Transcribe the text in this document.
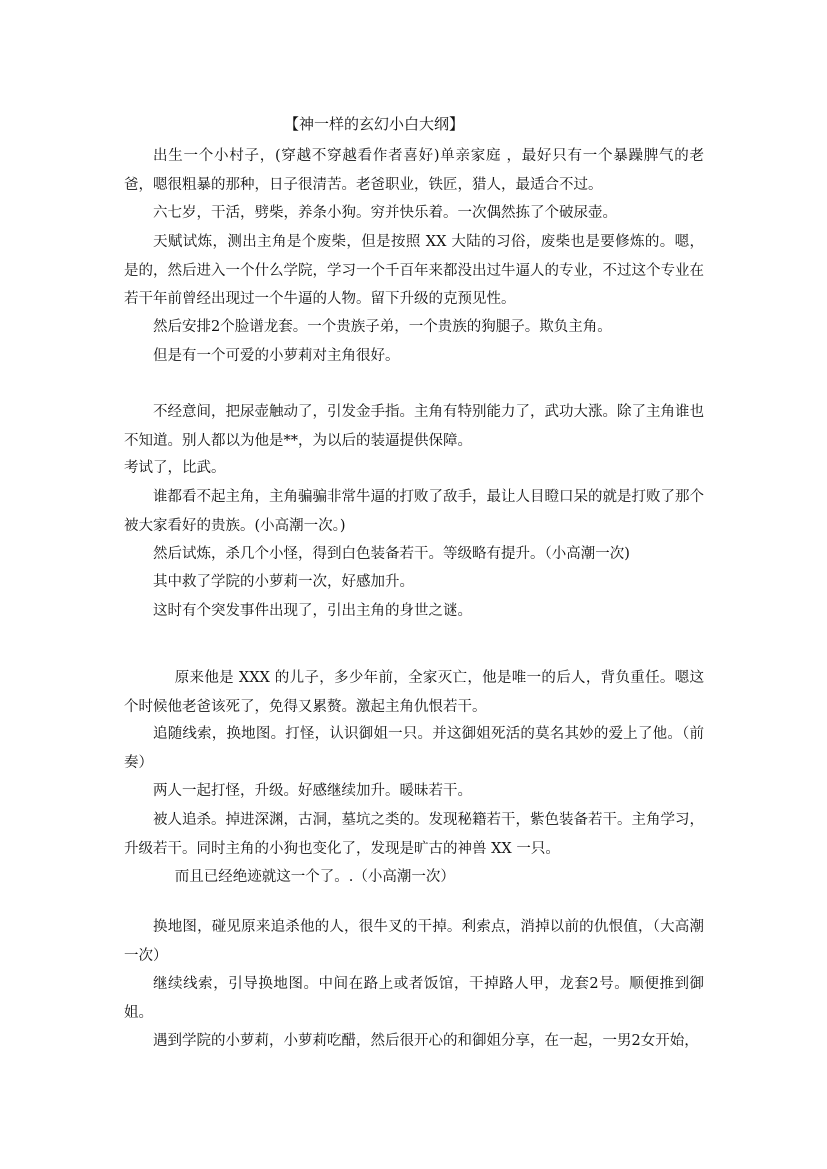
【神一样的玄幻小白大纲】

出生一个小村子，(穿越不穿越看作者喜好)单亲家庭 ，最好只有一个暴躁脾气的老爸，嗯很粗暴的那种，日子很清苦。老爸职业，铁匠，猎人，最适合不过。

六七岁，干活，劈柴，养条小狗。穷并快乐着。一次偶然拣了个破尿壶。

天赋试炼，测出主角是个废柴，但是按照 XX 大陆的习俗，废柴也是要修炼的。嗯，是的，然后进入一个什么学院，学习一个千百年来都没出过牛逼人的专业，不过这个专业在若干年前曾经出现过一个牛逼的人物。留下升级的克预见性。

然后安排2个脸谱龙套。一个贵族子弟，一个贵族的狗腿子。欺负主角。

但是有一个可爱的小萝莉对主角很好。

不经意间，把尿壶触动了，引发金手指。主角有特别能力了，武功大涨。除了主角谁也不知道。别人都以为他是**，为以后的装逼提供保障。

考试了，比武。

谁都看不起主角，主角骗骗非常牛逼的打败了敌手，最让人目瞪口呆的就是打败了那个被大家看好的贵族。(小高潮一次。)

然后试炼，杀几个小怪，得到白色装备若干。等级略有提升。（小高潮一次)

其中救了学院的小萝莉一次，好感加升。

这时有个突发事件出现了，引出主角的身世之谜。

原来他是 XXX 的儿子，多少年前，全家灭亡，他是唯一的后人，背负重任。嗯这个时候他老爸该死了，免得又累赘。激起主角仇恨若干。

追随线索，换地图。打怪，认识御姐一只。并这御姐死活的莫名其妙的爱上了他。（前奏）

两人一起打怪，升级。好感继续加升。暖昧若干。

被人追杀。掉进深渊，古洞，墓坑之类的。发现秘籍若干，紫色装备若干。主角学习，升级若干。同时主角的小狗也变化了，发现是旷古的神兽 XX 一只。

而且已经绝迹就这一个了。.（小高潮一次）

换地图，碰见原来追杀他的人，很牛叉的干掉。利索点，消掉以前的仇恨值，（大高潮一次）

继续线索，引导换地图。中间在路上或者饭馆，干掉路人甲，龙套2号。顺便推到御姐。

遇到学院的小萝莉，小萝莉吃醋，然后很开心的和御姐分享，在一起，一男2女开始，
